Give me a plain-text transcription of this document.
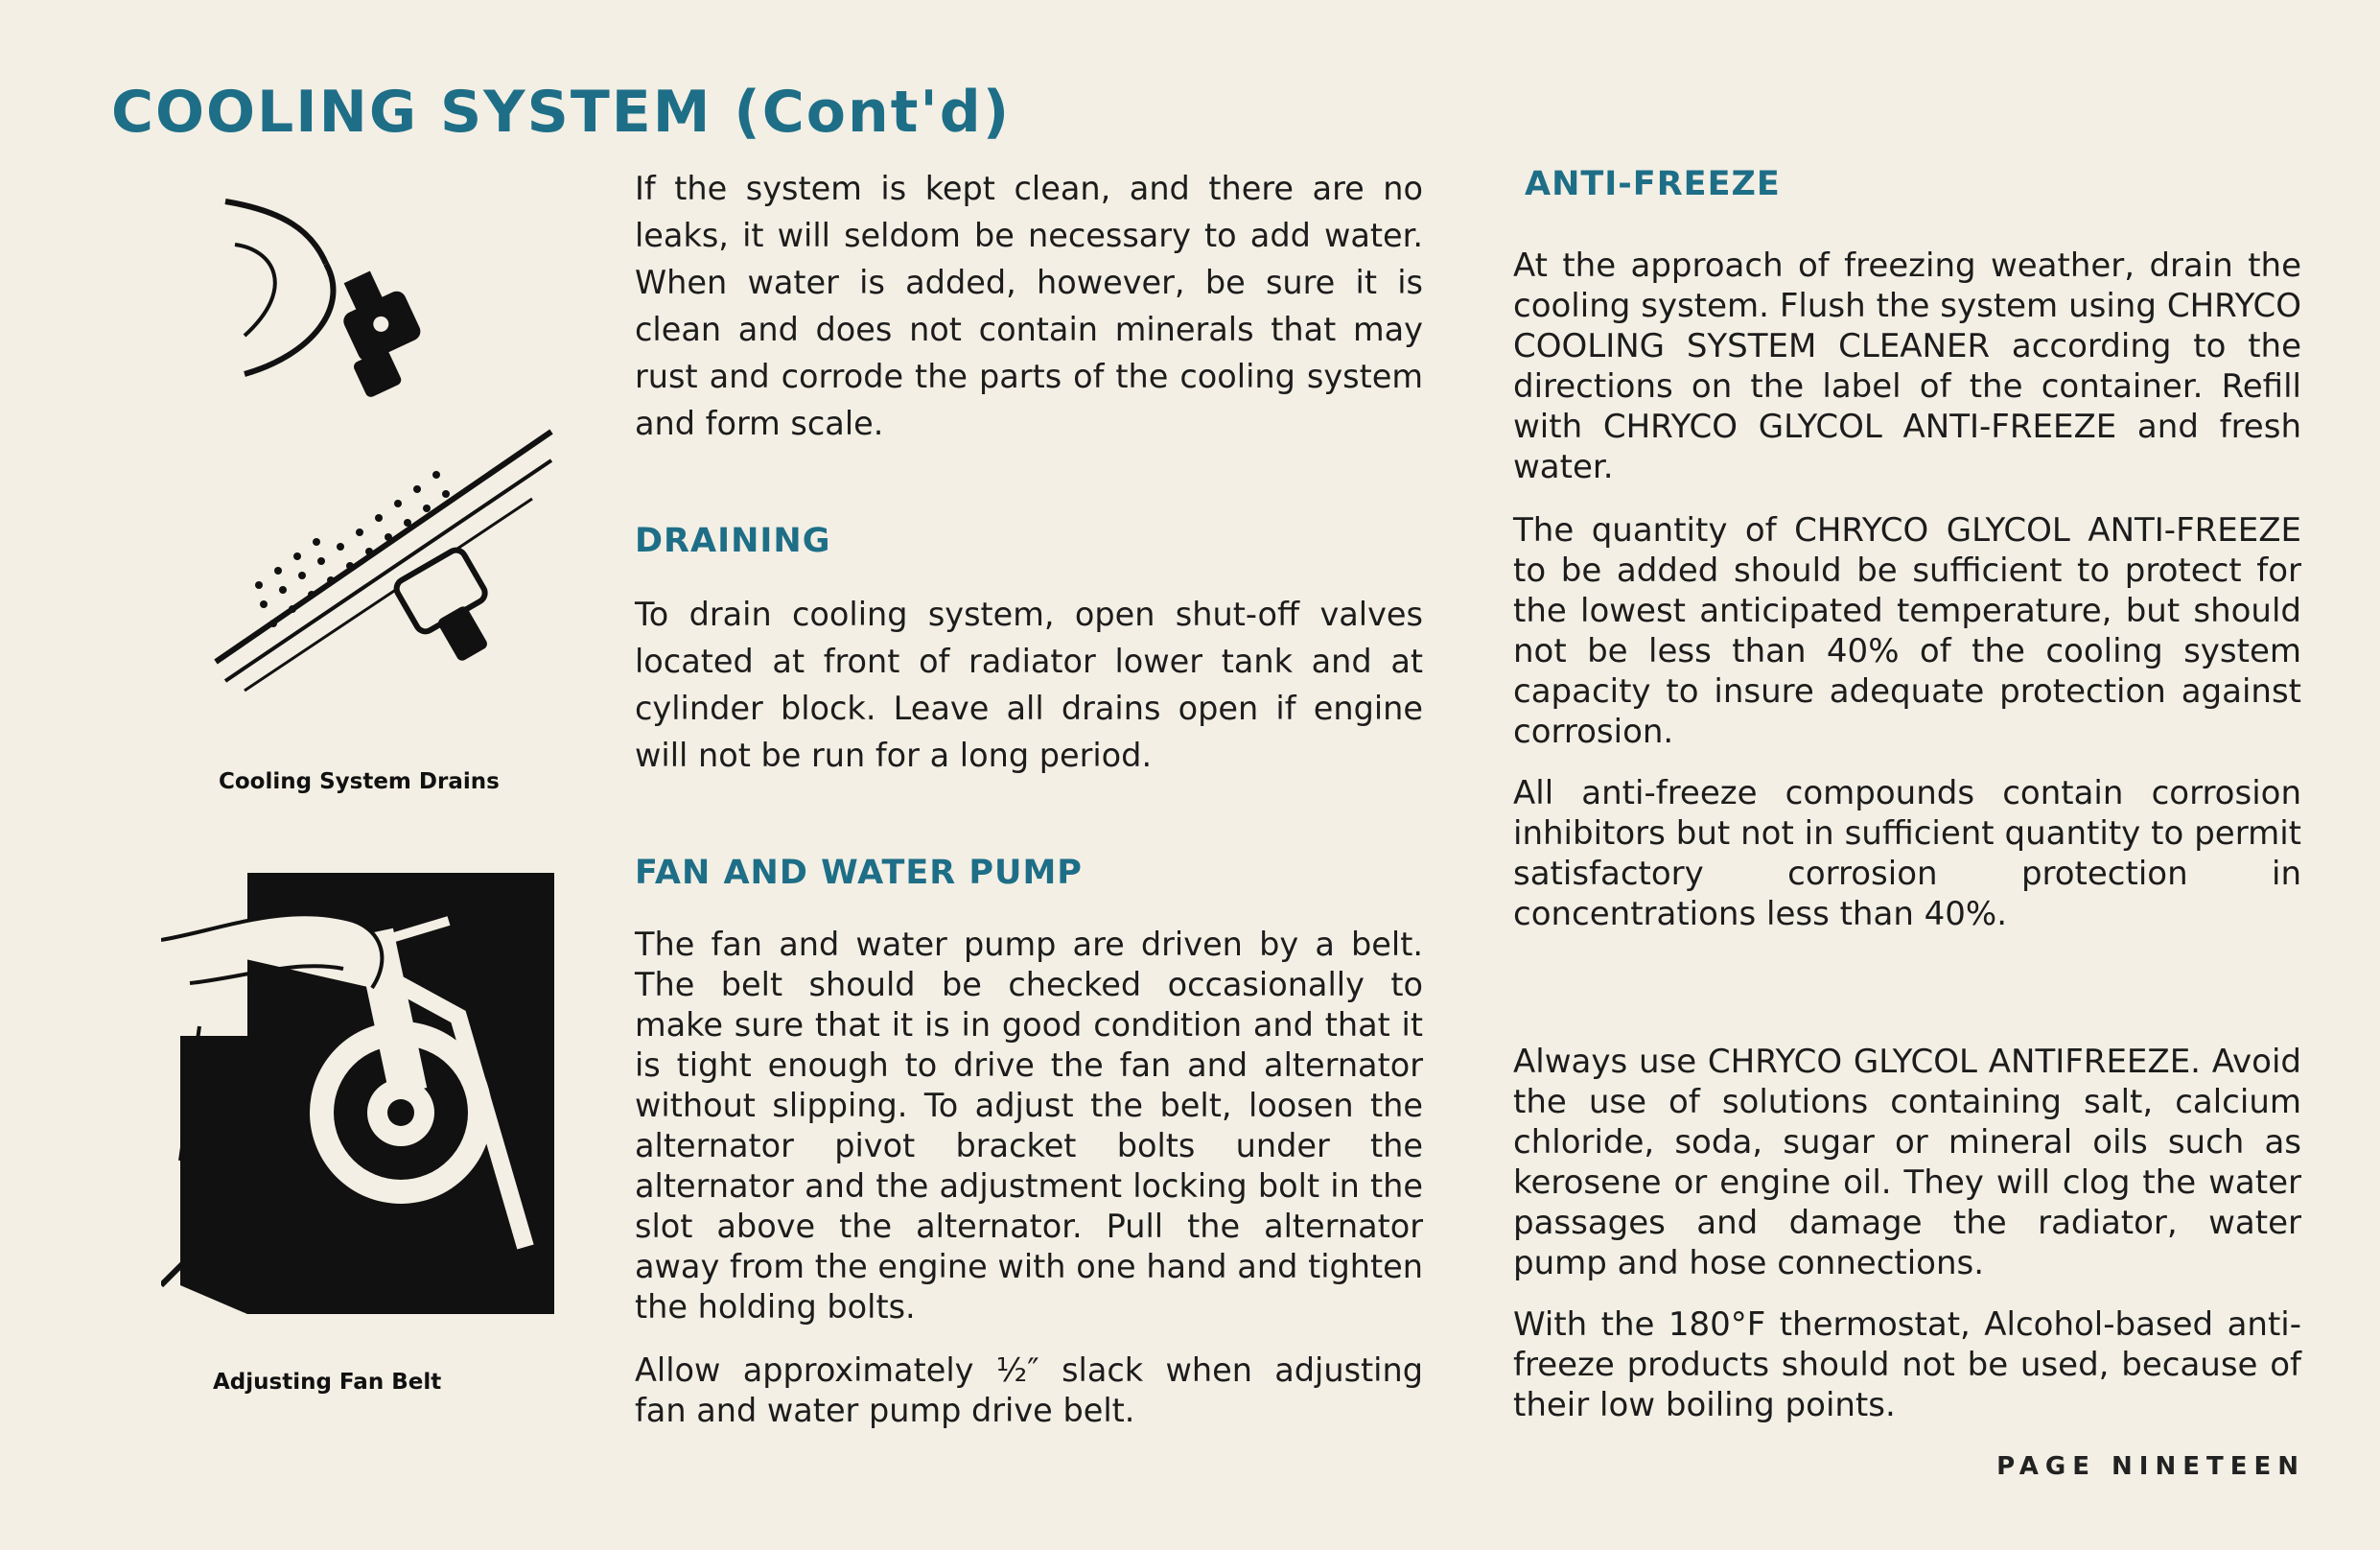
COOLING SYSTEM (Cont'd)
Cooling System Drains
Adjusting Fan Belt

If the system is kept clean, and there are no leaks, it will seldom be necessary to add water. When water is added, however, be sure it is clean and does not contain minerals that may rust and corrode the parts of the cooling system and form scale.

DRAINING

To drain cooling system, open shut-off valves located at front of radiator lower tank and at cylinder block. Leave all drains open if engine will not be run for a long period.

FAN AND WATER PUMP

The fan and water pump are driven by a belt. The belt should be checked occasionally to make sure that it is in good condition and that it is tight enough to drive the fan and alternator without slipping. To adjust the belt, loosen the alternator pivot bracket bolts under the alternator and the adjustment locking bolt in the slot above the alternator. Pull the alternator away from the engine with one hand and tighten the holding bolts.

Allow approximately ½″ slack when adjusting fan and water pump drive belt.

ANTI-FREEZE

At the approach of freezing weather, drain the cooling system. Flush the system using CHRYCO COOLING SYSTEM CLEANER according to the directions on the label of the container. Refill with CHRYCO GLYCOL ANTI-FREEZE and fresh water.

The quantity of CHRYCO GLYCOL ANTI-FREEZE to be added should be sufficient to protect for the lowest anticipated temperature, but should not be less than 40% of the cooling system capacity to insure adequate protection against corrosion.

All anti-freeze compounds contain corrosion inhibitors but not in sufficient quantity to permit satisfactory corrosion protection in concentrations less than 40%.

Always use CHRYCO GLYCOL ANTIFREEZE. Avoid the use of solutions containing salt, calcium chloride, soda, sugar or mineral oils such as kerosene or engine oil. They will clog the water passages and damage the radiator, water pump and hose connections.

With the 180°F thermostat, Alcohol-based anti-freeze products should not be used, because of their low boiling points.

PAGE NINETEEN
